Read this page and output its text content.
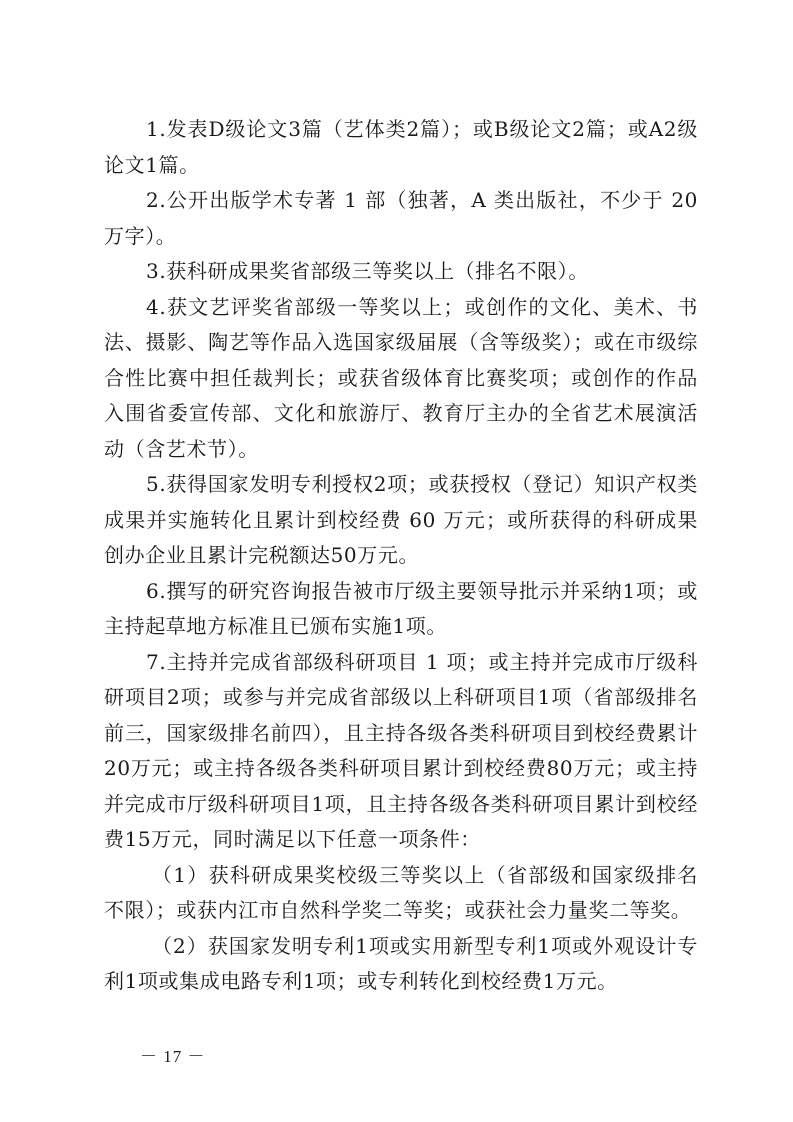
1.发表D级论文3篇（艺体类2篇）；或B级论文2篇；或A2级论文1篇。

2.公开出版学术专著 1 部（独著，A 类出版社，不少于 20 万字）。

3.获科研成果奖省部级三等奖以上（排名不限）。

4.获文艺评奖省部级一等奖以上；或创作的文化、美术、书法、摄影、陶艺等作品入选国家级届展（含等级奖）；或在市级综合性比赛中担任裁判长；或获省级体育比赛奖项；或创作的作品入围省委宣传部、文化和旅游厅、教育厅主办的全省艺术展演活动（含艺术节）。

5.获得国家发明专利授权2项；或获授权（登记）知识产权类成果并实施转化且累计到校经费 60 万元；或所获得的科研成果创办企业且累计完税额达50万元。

6.撰写的研究咨询报告被市厅级主要领导批示并采纳1项；或主持起草地方标准且已颁布实施1项。

7.主持并完成省部级科研项目 1 项；或主持并完成市厅级科研项目2项；或参与并完成省部级以上科研项目1项（省部级排名前三，国家级排名前四），且主持各级各类科研项目到校经费累计20万元；或主持各级各类科研项目累计到校经费80万元；或主持并完成市厅级科研项目1项，且主持各级各类科研项目累计到校经费15万元，同时满足以下任意一项条件：

（1）获科研成果奖校级三等奖以上（省部级和国家级排名不限）；或获内江市自然科学奖二等奖；或获社会力量奖二等奖。

（2）获国家发明专利1项或实用新型专利1项或外观设计专利1项或集成电路专利1项；或专利转化到校经费1万元。

－ 17 －
